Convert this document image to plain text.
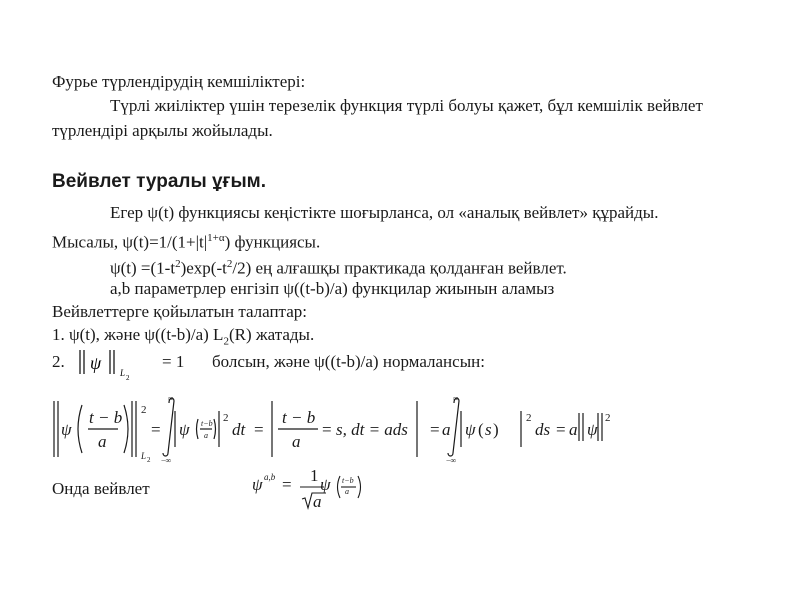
Фурье түрлендірудің кемшіліктері:
Түрлі жиіліктер үшін терезелік функция түрлі болуы қажет, бұл кемшілік вейвлет
түрлендірі арқылы жойылады.
Вейвлет туралы ұғым.
Егер ψ(t) функциясы кеңістікте шоғырланса, ол «аналық вейвлет» құрайды.
Мысалы, $\psi(t)=1/(1+|t|^{1+\alpha})$ функциясы.
$\psi(t) =(1-t^2)\exp(-t^2/2)$ ең алғашқы практикада қолданған вейвлет.
a,b параметрлер енгізіп ψ((t-b)/a) функцилар жиынын аламыз
Вейвлеттерге қойылатын талаптар:
1. ψ(t), және ψ((t-b)/a) $L_2(R)$ жатады.
2. ψ L 2
= 1 болсын, және ψ((t-b)/a) нормалансын:
ψ
t − b
a
2
L 2
=
∞
−∞
ψ t−b
a
2
dt =
t − b
a
= s, dt = ads = a
∞
−∞
ψ ( s )
2
ds = a ψ
2
Онда вейвлет	ψ a,b = 1 ψ t−b
a
a
